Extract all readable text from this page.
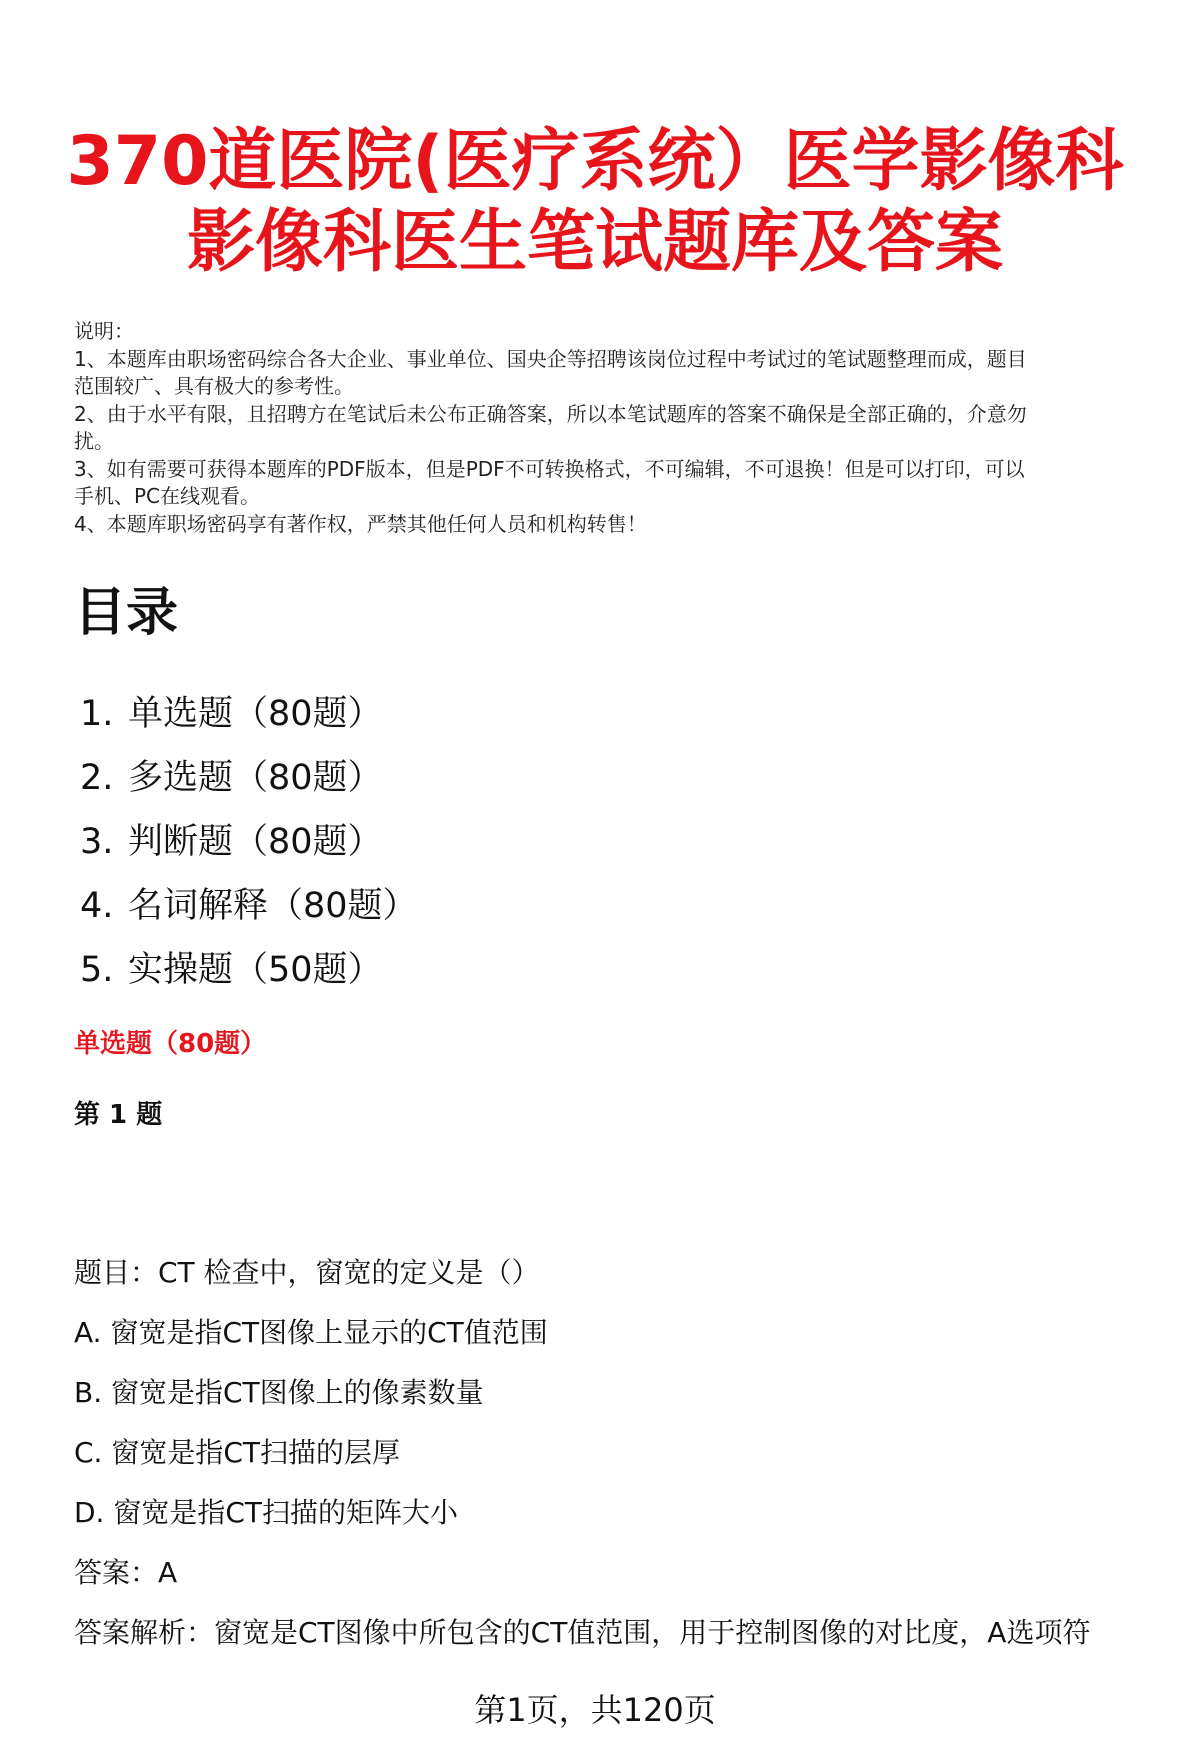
370道医院(医疗系统）医学影像科
影像科医生笔试题库及答案
说明：
1、本题库由职场密码综合各大企业、事业单位、国央企等招聘该岗位过程中考试过的笔试题整理而成，题目
范围较广、具有极大的参考性。
2、由于水平有限，且招聘方在笔试后未公布正确答案，所以本笔试题库的答案不确保是全部正确的，介意勿
扰。
3、如有需要可获得本题库的PDF版本，但是PDF不可转换格式，不可编辑，不可退换！但是可以打印，可以
手机、PC在线观看。
4、本题库职场密码享有著作权，严禁其他任何人员和机构转售！
目录
1. 单选题（80题）
2. 多选题（80题）
3. 判断题（80题）
4. 名词解释（80题）
5. 实操题（50题）
单选题（80题）
第 1 题
题目：CT 检查中，窗宽的定义是（）
A. 窗宽是指CT图像上显示的CT值范围
B. 窗宽是指CT图像上的像素数量
C. 窗宽是指CT扫描的层厚
D. 窗宽是指CT扫描的矩阵大小
答案：A
答案解析：窗宽是CT图像中所包含的CT值范围，用于控制图像的对比度，A选项符
第1页，共120页
